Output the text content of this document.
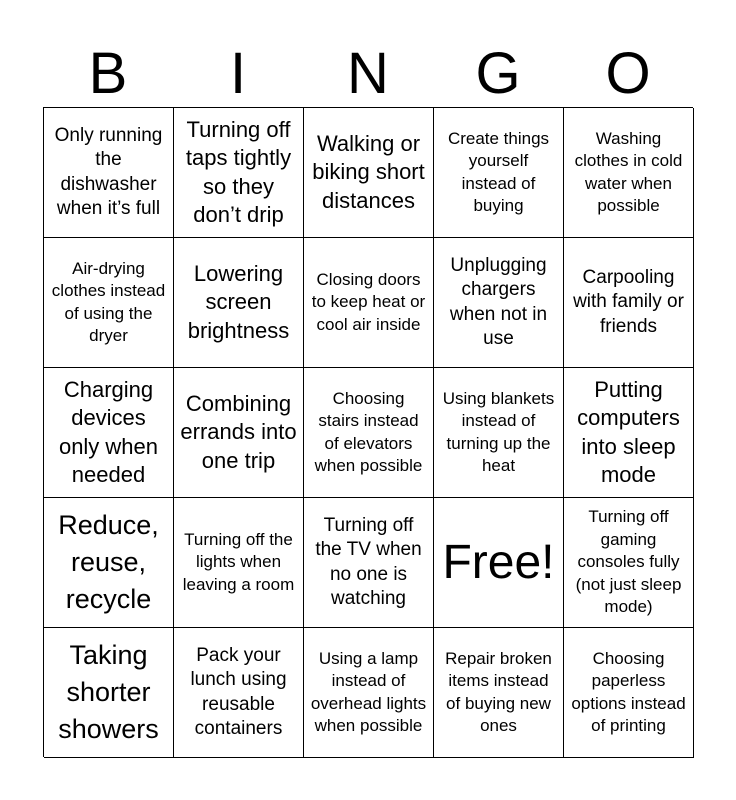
B	I	N	G	O
Only running the dishwasher when it’s full
Turning off taps tightly so they don’t drip
Walking or biking short distances
Create things yourself instead of buying
Washing clothes in cold water when possible
Air-drying clothes instead of using the dryer
Lowering screen brightness
Closing doors to keep heat or cool air inside
Unplugging chargers when not in use
Carpooling with family or friends
Charging devices only when needed
Combining errands into one trip
Choosing stairs instead of elevators when possible
Using blankets instead of turning up the heat
Putting computers into sleep mode
Reduce, reuse, recycle
Turning off the lights when leaving a room
Turning off the TV when no one is watching
Free!
Turning off gaming consoles fully (not just sleep mode)
Taking shorter showers
Pack your lunch using reusable containers
Using a lamp instead of overhead lights when possible
Repair broken items instead of buying new ones
Choosing paperless options instead of printing
